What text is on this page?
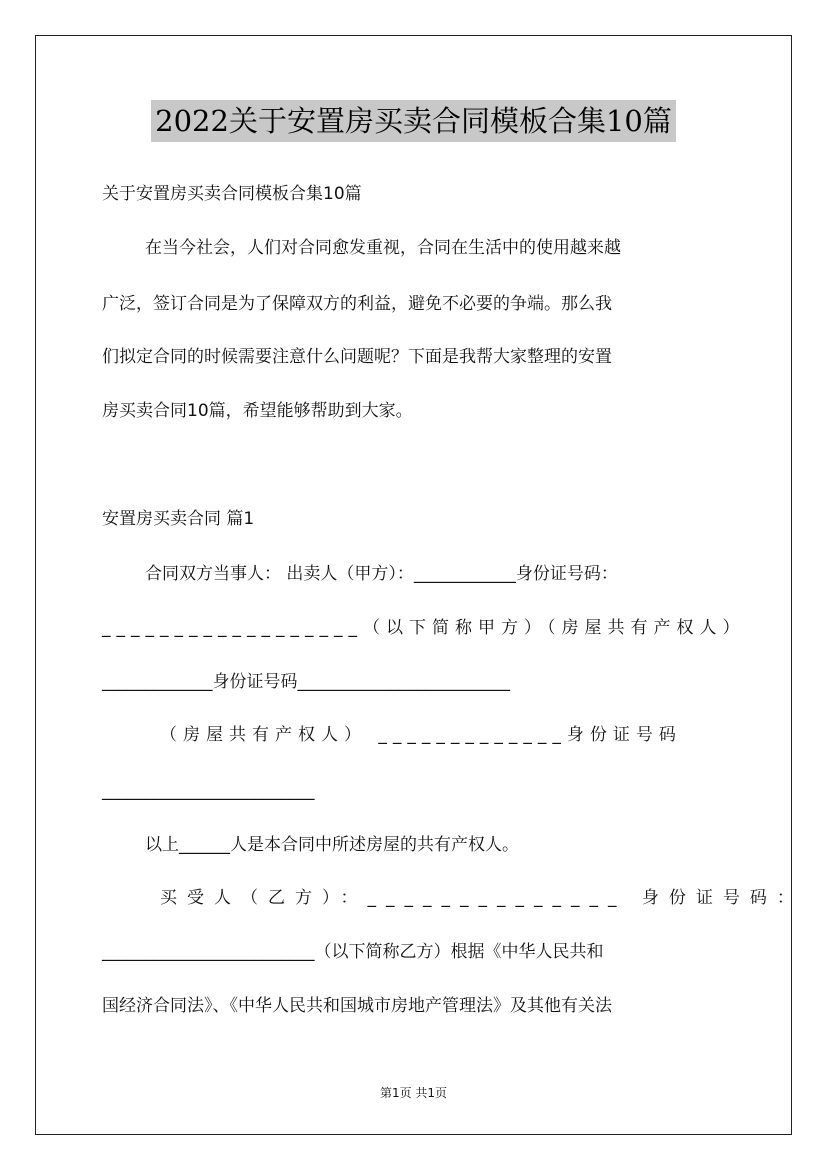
2022关于安置房买卖合同模板合集10篇
关于安置房买卖合同模板合集10篇
在当今社会，人们对合同愈发重视，合同在生活中的使用越来越
广泛，签订合同是为了保障双方的利益，避免不必要的争端。那么我
们拟定合同的时候需要注意什么问题呢？下面是我帮大家整理的安置
房买卖合同10篇，希望能够帮助到大家。
安置房买卖合同 篇1
合同双方当事人： 出卖人（甲方）：____________身份证号码：
__________________（以下简称甲方）（房屋共有产权人）
_____________身份证号码_________________________
（房屋共有产权人） _____________身份证号码
_________________________
以上______人是本合同中所述房屋的共有产权人。
买受人（乙方）：______________ 身份证号码：
_________________________（以下简称乙方）根据《中华人民共和
国经济合同法》、《中华人民共和国城市房地产管理法》及其他有关法
第1页 共1页
